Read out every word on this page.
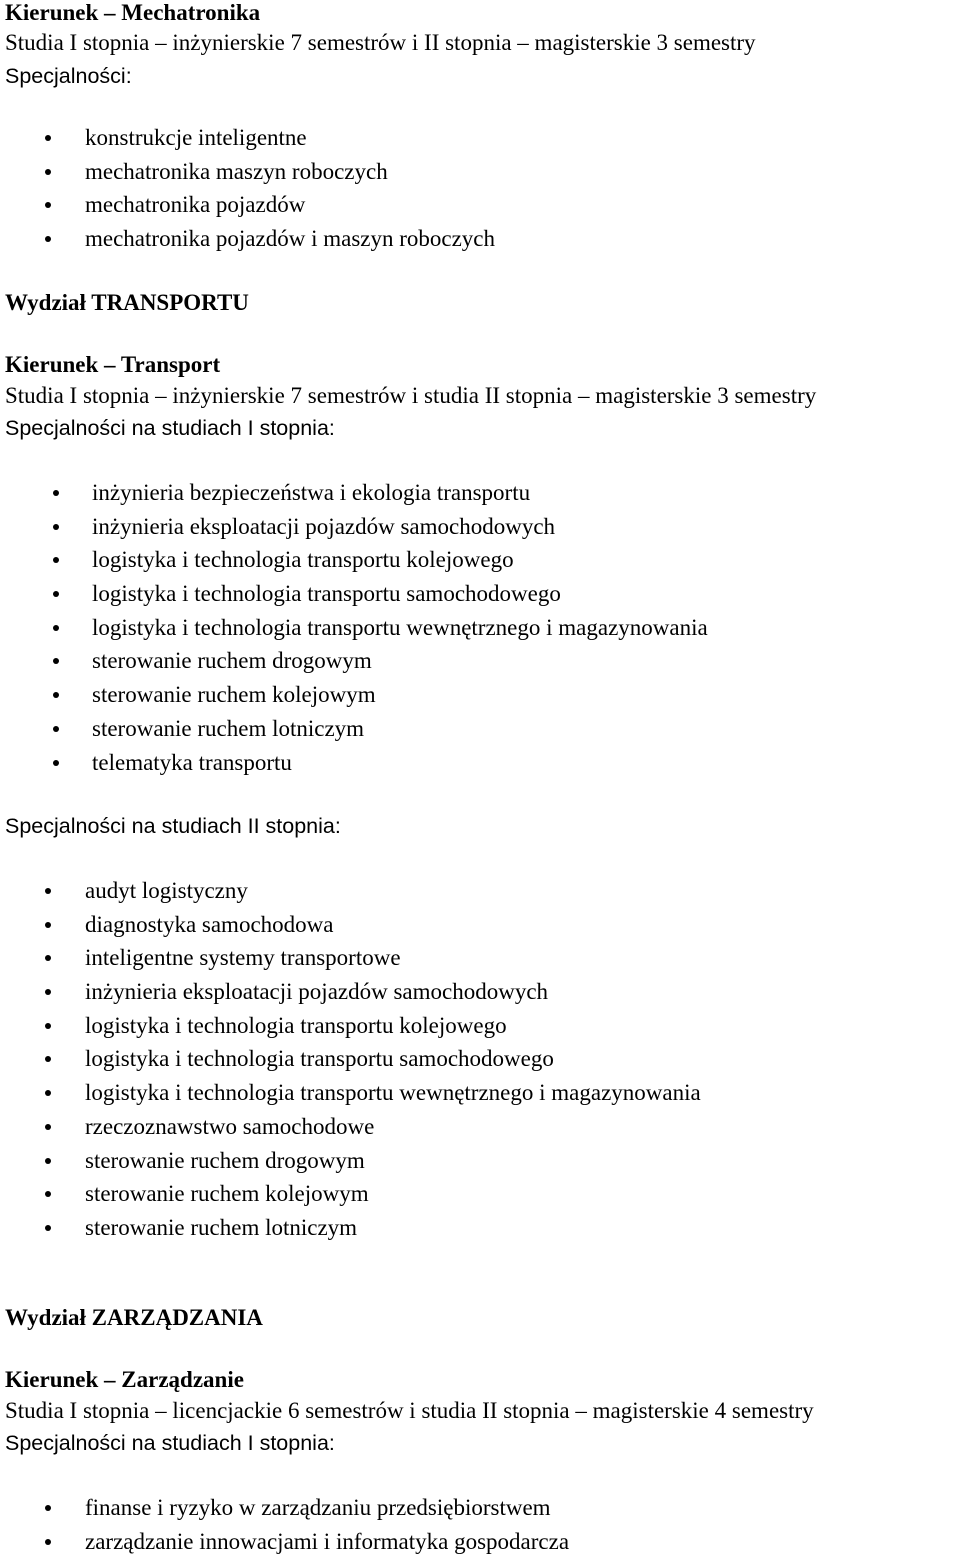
Kierunek – Mechatronika
Studia I stopnia – inżynierskie 7 semestrów i II stopnia – magisterskie 3 semestry
Specjalności:
konstrukcje inteligentne
mechatronika maszyn roboczych
mechatronika pojazdów
mechatronika pojazdów i maszyn roboczych
Wydział TRANSPORTU
Kierunek – Transport
Studia I stopnia – inżynierskie 7 semestrów i studia II stopnia – magisterskie 3 semestry
Specjalności na studiach I stopnia:
inżynieria bezpieczeństwa i ekologia transportu
inżynieria eksploatacji pojazdów samochodowych
logistyka i technologia transportu kolejowego
logistyka i technologia transportu samochodowego
logistyka i technologia transportu wewnętrznego i magazynowania
sterowanie ruchem drogowym
sterowanie ruchem kolejowym
sterowanie ruchem lotniczym
telematyka transportu
Specjalności na studiach II stopnia:
audyt logistyczny
diagnostyka samochodowa
inteligentne systemy transportowe
inżynieria eksploatacji pojazdów samochodowych
logistyka i technologia transportu kolejowego
logistyka i technologia transportu samochodowego
logistyka i technologia transportu wewnętrznego i magazynowania
rzeczoznawstwo samochodowe
sterowanie ruchem drogowym
sterowanie ruchem kolejowym
sterowanie ruchem lotniczym
Wydział ZARZĄDZANIA
Kierunek – Zarządzanie
Studia I stopnia – licencjackie 6 semestrów i studia II stopnia – magisterskie 4 semestry
Specjalności na studiach I stopnia:
finanse i ryzyko w zarządzaniu przedsiębiorstwem
zarządzanie innowacjami i informatyka gospodarcza
